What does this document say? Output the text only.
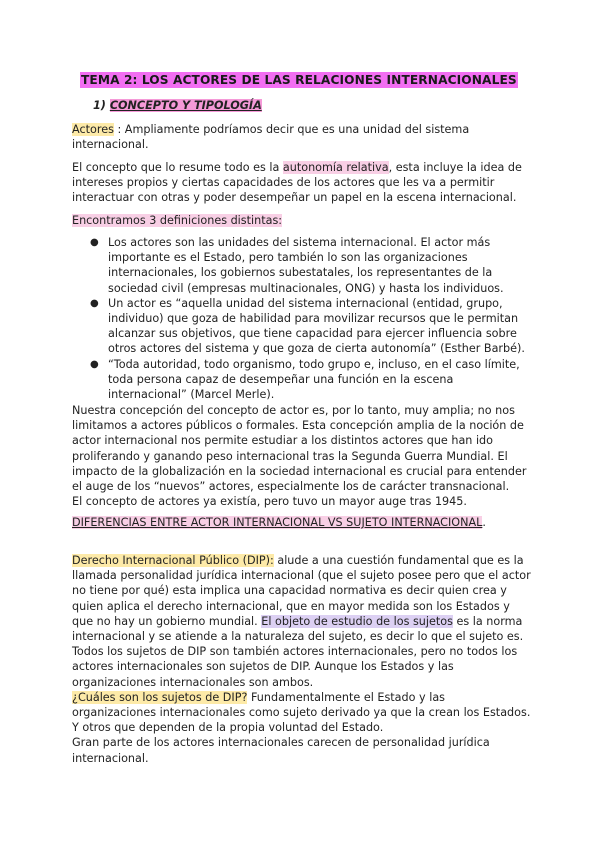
TEMA 2: LOS ACTORES DE LAS RELACIONES INTERNACIONALES
1) CONCEPTO Y TIPOLOGÍA

Actores : Ampliamente podríamos decir que es una unidad del sistema internacional.

El concepto que lo resume todo es la autonomía relativa, esta incluye la idea de intereses propios y ciertas capacidades de los actores que les va a permitir interactuar con otras y poder desempeñar un papel en la escena internacional.

Encontramos 3 definiciones distintas:

● Los actores son las unidades del sistema internacional. El actor más importante es el Estado, pero también lo son las organizaciones internacionales, los gobiernos subestatales, los representantes de la sociedad civil (empresas multinacionales, ONG) y hasta los individuos.
● Un actor es “aquella unidad del sistema internacional (entidad, grupo, individuo) que goza de habilidad para movilizar recursos que le permitan alcanzar sus objetivos, que tiene capacidad para ejercer influencia sobre otros actores del sistema y que goza de cierta autonomía” (Esther Barbé).
● “Toda autoridad, todo organismo, todo grupo e, incluso, en el caso límite, toda persona capaz de desempeñar una función en la escena internacional” (Marcel Merle).

Nuestra concepción del concepto de actor es, por lo tanto, muy amplia; no nos limitamos a actores públicos o formales. Esta concepción amplia de la noción de actor internacional nos permite estudiar a los distintos actores que han ido proliferando y ganando peso internacional tras la Segunda Guerra Mundial. El impacto de la globalización en la sociedad internacional es crucial para entender el auge de los “nuevos” actores, especialmente los de carácter transnacional.
El concepto de actores ya existía, pero tuvo un mayor auge tras 1945.

DIFERENCIAS ENTRE ACTOR INTERNACIONAL VS SUJETO INTERNACIONAL.

Derecho Internacional Público (DIP): alude a una cuestión fundamental que es la llamada personalidad jurídica internacional (que el sujeto posee pero que el actor no tiene por qué) esta implica una capacidad normativa es decir quien crea y quien aplica el derecho internacional, que en mayor medida son los Estados y que no hay un gobierno mundial. El objeto de estudio de los sujetos es la norma internacional y se atiende a la naturaleza del sujeto, es decir lo que el sujeto es. Todos los sujetos de DIP son también actores internacionales, pero no todos los actores internacionales son sujetos de DIP. Aunque los Estados y las organizaciones internacionales son ambos.
¿Cuáles son los sujetos de DIP? Fundamentalmente el Estado y las organizaciones internacionales como sujeto derivado ya que la crean los Estados. Y otros que dependen de la propia voluntad del Estado.
Gran parte de los actores internacionales carecen de personalidad jurídica internacional.
